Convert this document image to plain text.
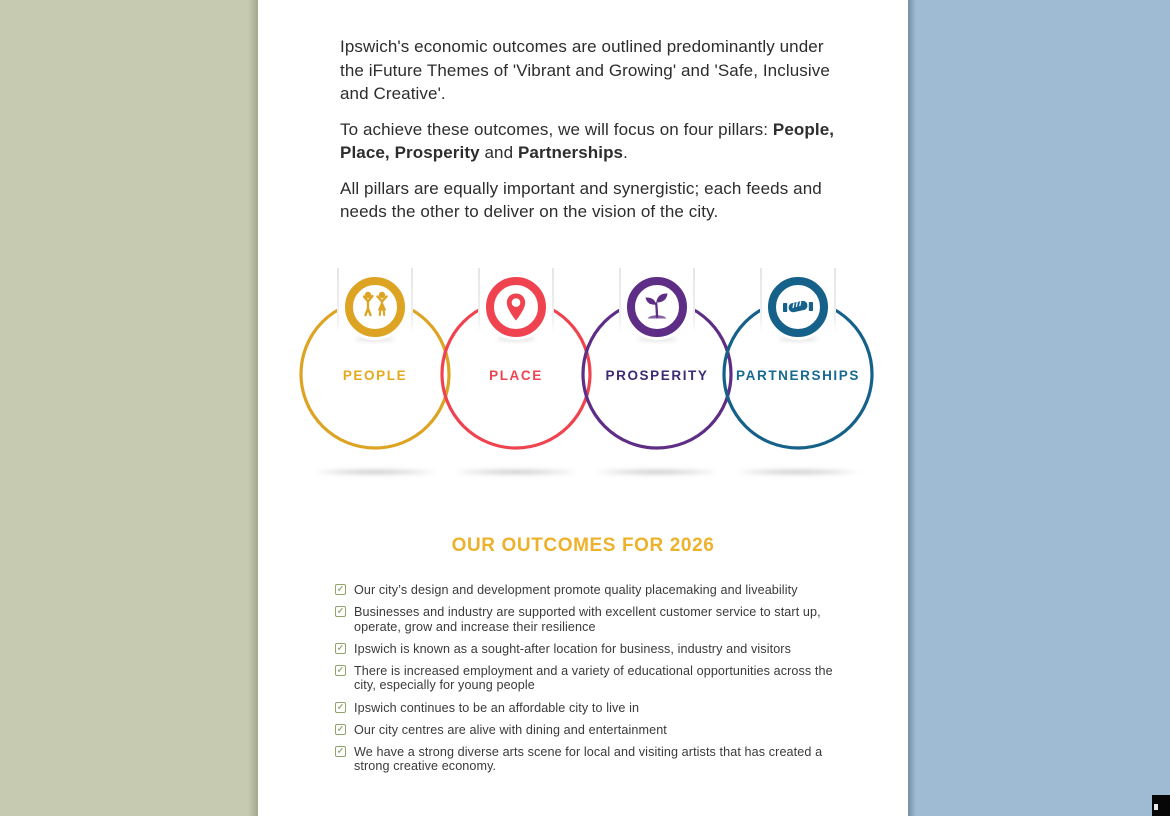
Ipswich's economic outcomes are outlined predominantly under the iFuture Themes of 'Vibrant and Growing' and 'Safe, Inclusive and Creative'.

To achieve these outcomes, we will focus on four pillars: People, Place, Prosperity and Partnerships.

All pillars are equally important and synergistic; each feeds and needs the other to deliver on the vision of the city.

PEOPLE	PLACE	PROSPERITY PARTNERSHIPS
OUR OUTCOMES FOR 2026
✓ Our city’s design and development promote quality placemaking and liveability
✓ Businesses and industry are supported with excellent customer service to start up, operate, grow and increase their resilience
✓ Ipswich is known as a sought-after location for business, industry and visitors
✓ There is increased employment and a variety of educational opportunities across the city, especially for young people
✓ Ipswich continues to be an affordable city to live in
✓ Our city centres are alive with dining and entertainment
✓ We have a strong diverse arts scene for local and visiting artists that has created a strong creative economy.
